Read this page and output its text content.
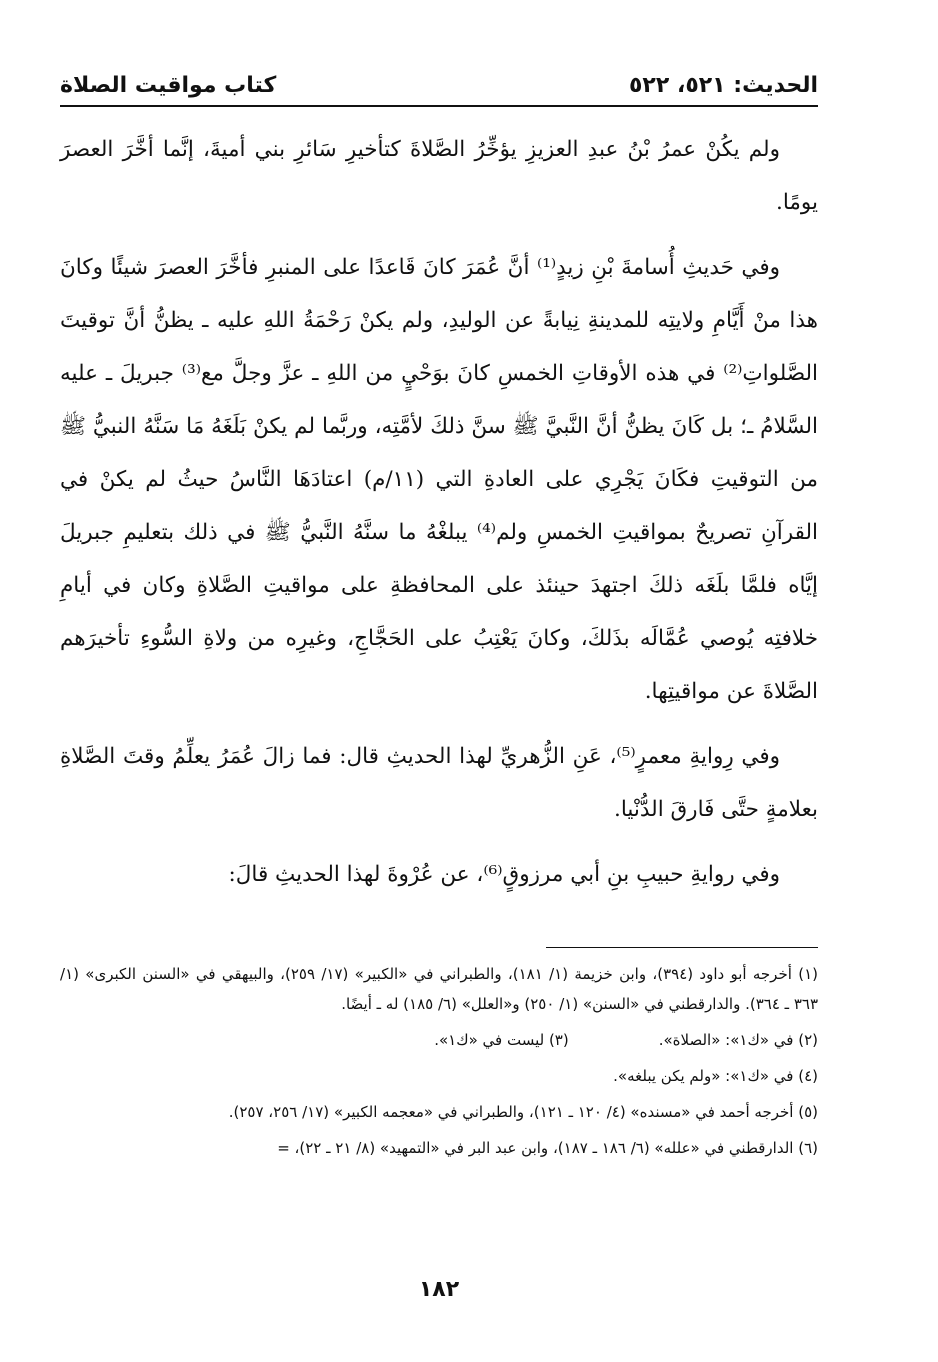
الحديث: ٥٢١، ٥٢٢
كتاب مواقيت الصلاة

ولم يكُنْ عمرُ بْنُ عبدِ العزيزِ يؤخِّرُ الصَّلاةَ كتأخيرِ سَائرِ بني أميةَ، إنَّما أخَّرَ العصرَ يومًا.

وفي حَديثِ أُسامةَ بْنِ زيدٍ⁽¹⁾ أنَّ عُمَرَ كانَ قَاعدًا على المنبرِ فأخَّرَ العصرَ شيئًا وكانَ هذا منْ أَيَّامِ ولايتِه للمدينةِ نِيابةً عن الوليدِ، ولم يكنْ رَحْمَةُ اللهِ عليه ـ يظنُّ أنَّ توقيتَ الصَّلواتِ⁽²⁾ في هذه الأوقاتِ الخمسِ كانَ بوَحْيٍ من اللهِ ـ عزَّ وجلَّ مع⁽³⁾ جبريلَ ـ عليه السَّلامُ ـ؛ بل كَانَ يظنُّ أنَّ النَّبيَّ ﷺ سنَّ ذلكَ لأمَّتِه، وربَّما لم يكنْ بَلَغَهُ مَا سَنَّهُ النبيُّ ﷺ من التوقيتِ فكَانَ يَجْرِي على العادةِ التي (١١/م) اعتادَهَا النَّاسُ حيثُ لم يكنْ في القرآنِ تصريحٌ بمواقيتِ الخمسِ ولم⁽⁴⁾ يبلغْهُ ما سنَّهُ النَّبيُّ ﷺ في ذلك بتعليمِ جبريلَ إيَّاه فلمَّا بلَغَه ذلكَ اجتهدَ حينئذ على المحافظةِ على مواقيتِ الصَّلاةِ وكان في أيامِ خلافتِه يُوصي عُمَّالَه بذَلكَ، وكانَ يَعْتِبُ على الحَجَّاجِ، وغيرِه من ولاةِ السُّوءِ تأخيرَهم الصَّلاةَ عن مواقيتِها.

وفي رِوايةِ معمرٍ⁽⁵⁾، عَنِ الزُّهريِّ لهذا الحديثِ قال: فما زالَ عُمَرُ يعلِّمُ وقتَ الصَّلاةِ بعلامةٍ حتَّى فَارقَ الدُّنْيا.

وفي روايةِ حبيبِ بنِ أبي مرزوقٍ⁽⁶⁾، عن عُرْوةَ لهذا الحديثِ قالَ:

(١) أخرجه أبو داود (٣٩٤)، وابن خزيمة (١/ ١٨١)، والطبراني في «الكبير» (١٧/ ٢٥٩)، والبيهقي في «السنن الكبرى» (١/ ٣٦٣ ـ ٣٦٤). والدارقطني في «السنن» (١/ ٢٥٠) و«العلل» (٦/ ١٨٥) له ـ أيضًا.

(٢) في «ك١»: «الصلاة».
(٣) ليست في «ك١».

(٤) في «ك١»: «ولم يكن يبلغه».

(٥) أخرجه أحمد في «مسنده» (٤/ ١٢٠ ـ ١٢١)، والطبراني في «معجمه الكبير» (١٧/ ٢٥٦، ٢٥٧).

(٦) الدارقطني في «علله» (٦/ ١٨٦ ـ ١٨٧)، وابن عبد البر في «التمهيد» (٨/ ٢١ ـ ٢٢)، =

١٨٢
